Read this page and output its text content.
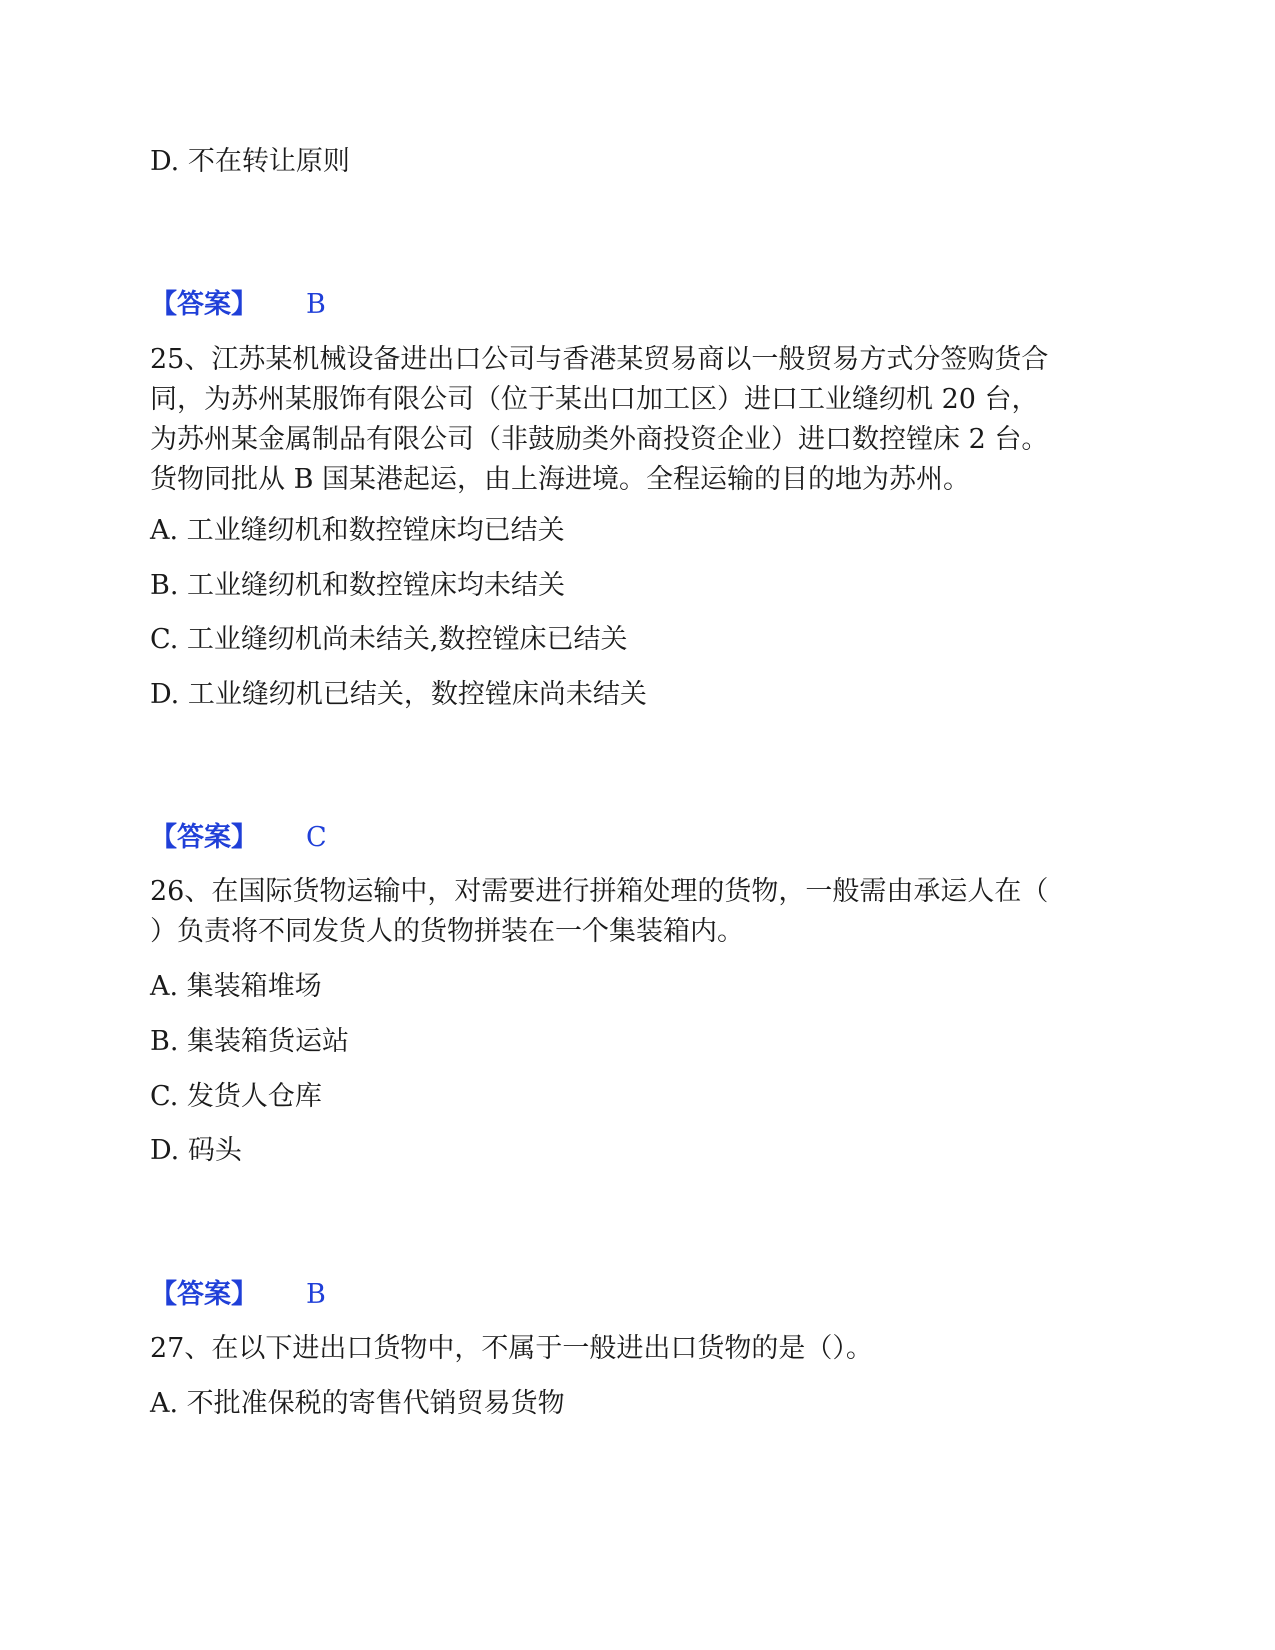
D. 不在转让原则
【答案】 B
25、江苏某机械设备进出口公司与香港某贸易商以一般贸易方式分签购货合
同，为苏州某服饰有限公司（位于某出口加工区）进口工业缝纫机 20 台，
为苏州某金属制品有限公司（非鼓励类外商投资企业）进口数控镗床 2 台。
货物同批从 B 国某港起运，由上海进境。全程运输的目的地为苏州。
A. 工业缝纫机和数控镗床均已结关
B. 工业缝纫机和数控镗床均未结关
C. 工业缝纫机尚未结关,数控镗床已结关
D. 工业缝纫机已结关，数控镗床尚未结关
【答案】 C
26、在国际货物运输中，对需要进行拼箱处理的货物，一般需由承运人在（
）负责将不同发货人的货物拼装在一个集装箱内。
A. 集装箱堆场
B. 集装箱货运站
C. 发货人仓库
D. 码头
【答案】 B
27、在以下进出口货物中，不属于一般进出口货物的是（）。
A. 不批准保税的寄售代销贸易货物
